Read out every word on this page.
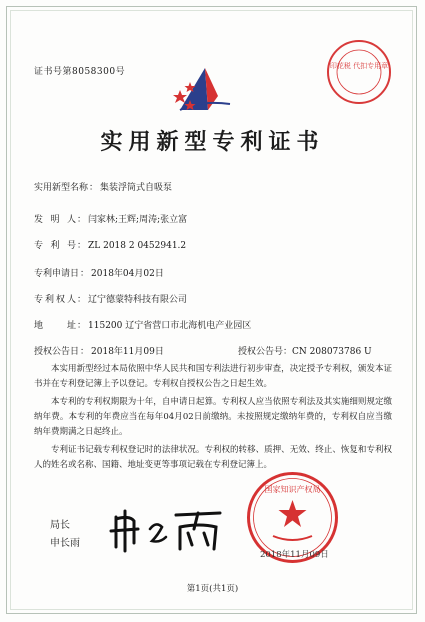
证书号第8058300号
印花税 代扣专用章
实用新型专利证书
实用新型名称： 集装浮筒式自吸泵
发明人： 闫家林;王辉;周涛;张立富
专利号： ZL 2018 2 0452941.2
专利申请日： 2018年04月02日
专利权人： 辽宁德蒙特科技有限公司
地址： 115200 辽宁省营口市北海机电产业园区
授权公告日： 2018年11月09日	授权公告号：CN 208073786 U

本实用新型经过本局依照中华人民共和国专利法进行初步审查，决定授予专利权，颁发本证书并在专利登记簿上予以登记。专利权自授权公告之日起生效。

本专利的专利权期限为十年，自申请日起算。专利权人应当依照专利法及其实施细则规定缴纳年费。本专利的年费应当在每年04月02日前缴纳。未按照规定缴纳年费的，专利权自应当缴纳年费期满之日起终止。

专利证书记载专利权登记时的法律状况。专利权的转移、质押、无效、终止、恢复和专利权人的姓名或名称、国籍、地址变更等事项记载在专利登记簿上。

局长
申长雨
国家知识产权局
2018年11月09日
第1页(共1页)
